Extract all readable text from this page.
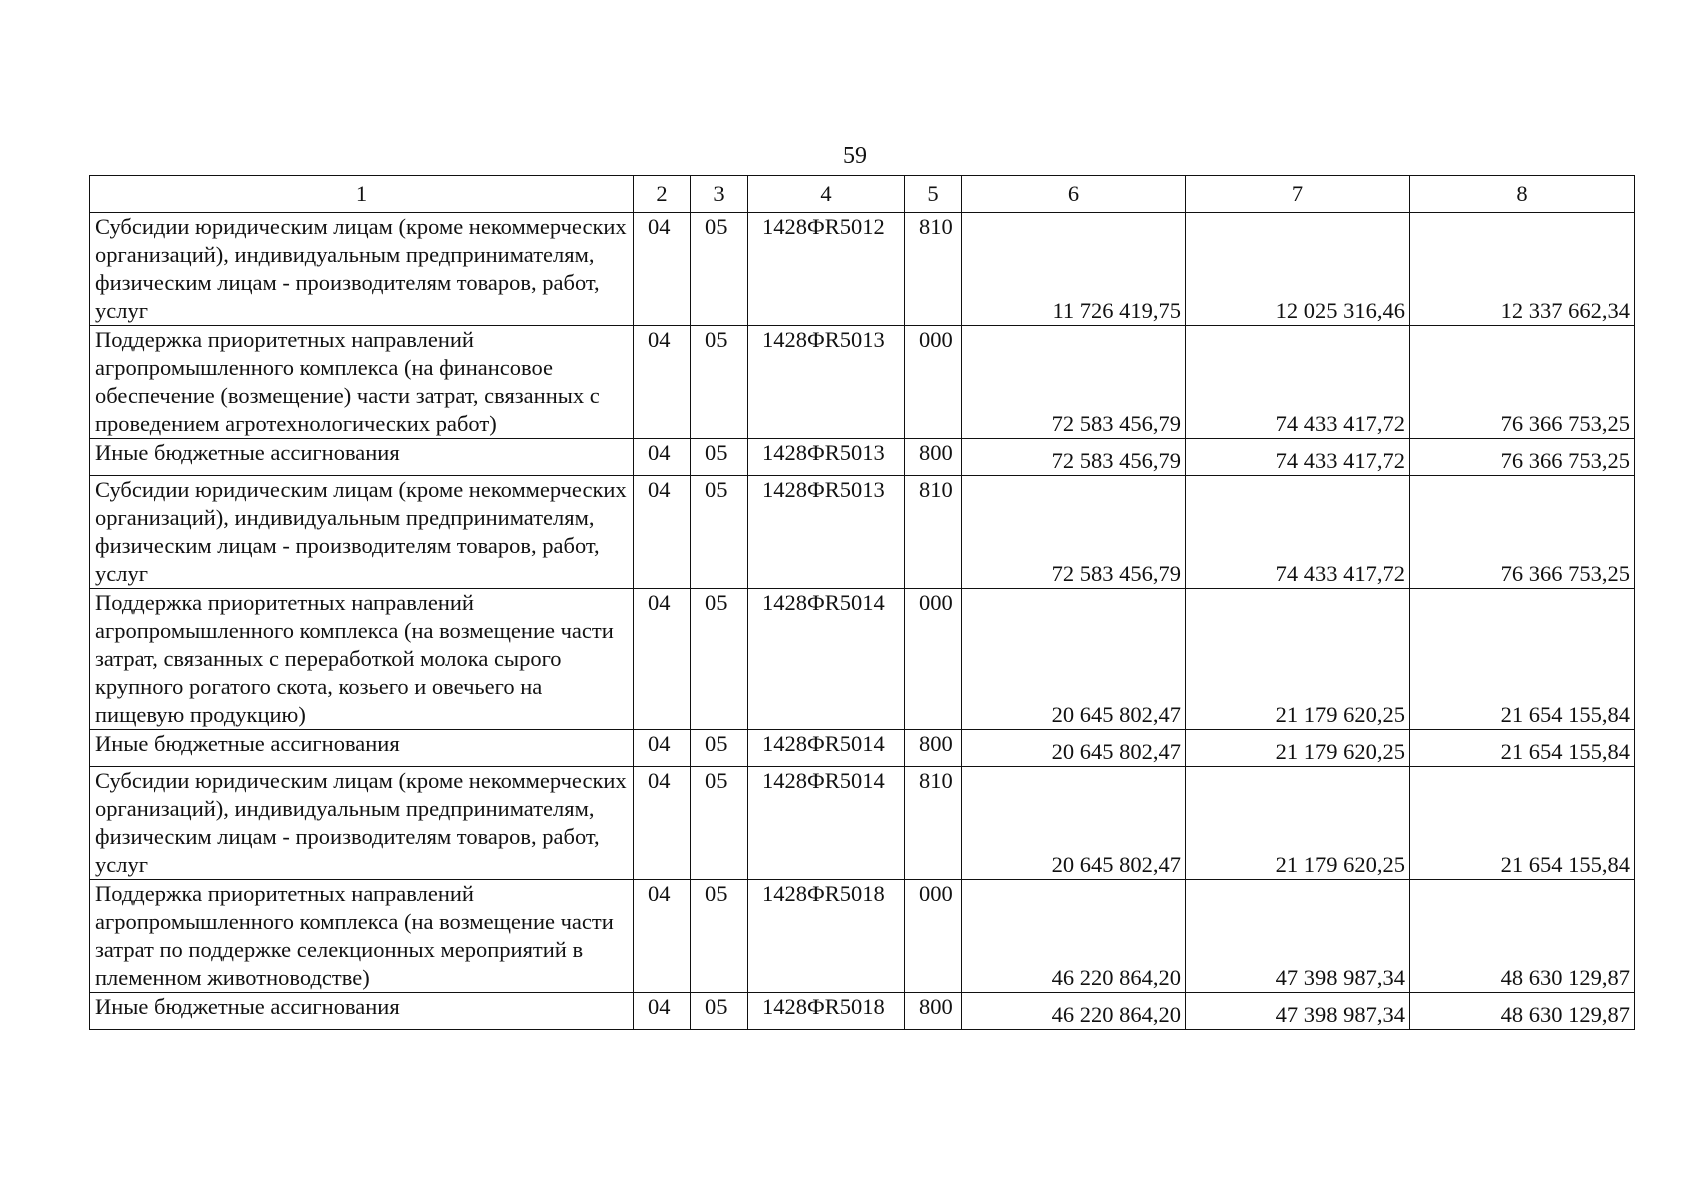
59
1	2	3	4	5	6	7	8
Субсидии юридическим лицам (кроме некоммерческих организаций), индивидуальным предпринимателям, физическим лицам - производителям товаров, работ, услуг	04	05	1428ФR5012	810	11 726 419,75	12 025 316,46	12 337 662,34
Поддержка приоритетных направлений агропромышленного комплекса (на финансовое обеспечение (возмещение) части затрат, связанных с проведением агротехнологических работ)	04	05	1428ФR5013	000	72 583 456,79	74 433 417,72	76 366 753,25
Иные бюджетные ассигнования	04	05	1428ФR5013	800	72 583 456,79	74 433 417,72	76 366 753,25
Субсидии юридическим лицам (кроме некоммерческих организаций), индивидуальным предпринимателям, физическим лицам - производителям товаров, работ, услуг	04	05	1428ФR5013	810	72 583 456,79	74 433 417,72	76 366 753,25
Поддержка приоритетных направлений агропромышленного комплекса (на возмещение части затрат, связанных с переработкой молока сырого крупного рогатого скота, козьего и овечьего на пищевую продукцию)	04	05	1428ФR5014	000	20 645 802,47	21 179 620,25	21 654 155,84
Иные бюджетные ассигнования	04	05	1428ФR5014	800	20 645 802,47	21 179 620,25	21 654 155,84
Субсидии юридическим лицам (кроме некоммерческих организаций), индивидуальным предпринимателям, физическим лицам - производителям товаров, работ, услуг	04	05	1428ФR5014	810	20 645 802,47	21 179 620,25	21 654 155,84
Поддержка приоритетных направлений агропромышленного комплекса (на возмещение части затрат по поддержке селекционных мероприятий в племенном животноводстве)	04	05	1428ФR5018	000	46 220 864,20	47 398 987,34	48 630 129,87
Иные бюджетные ассигнования	04	05	1428ФR5018	800	46 220 864,20	47 398 987,34	48 630 129,87
